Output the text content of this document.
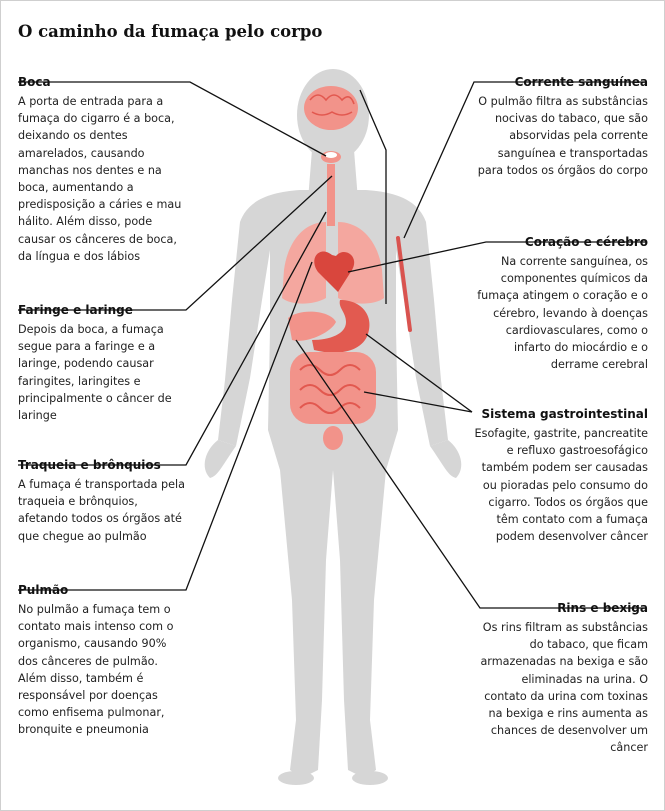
O caminho da fumaça pelo corpo
Boca

A porta de entrada para a fumaça do cigarro é a boca, deixando os dentes amarelados, causando manchas nos dentes e na boca, aumentando a predisposição a cáries e mau hálito. Além disso, pode causar os cânceres de boca, da língua e dos lábios

Faringe e laringe

Depois da boca, a fumaça segue para a faringe e a laringe, podendo causar faringites, laringites e principalmente o câncer de laringe

Traqueia e brônquios

A fumaça é transportada pela traqueia e brônquios, afetando todos os órgãos até que chegue ao pulmão

Pulmão

No pulmão a fumaça tem o contato mais intenso com o organismo, causando 90% dos cânceres de pulmão. Além disso, também é responsável por doenças como enfisema pulmonar, bronquite e pneumonia

Corrente sanguínea

O pulmão filtra as substâncias nocivas do tabaco, que são absorvidas pela corrente sanguínea e transportadas para todos os órgãos do corpo

Coração e cérebro

Na corrente sanguínea, os componentes químicos da fumaça atingem o coração e o cérebro, levando à doenças cardiovasculares, como o infarto do miocárdio e o derrame cerebral

Sistema gastrointestinal

Esofagite, gastrite, pancreatite e refluxo gastroesofágico também podem ser causadas ou pioradas pelo consumo do cigarro. Todos os órgãos que têm contato com a fumaça podem desenvolver câncer

Rins e bexiga

Os rins filtram as substâncias do tabaco, que ficam armazenadas na bexiga e são eliminadas na urina. O contato da urina com toxinas na bexiga e rins aumenta as chances de desenvolver um câncer
